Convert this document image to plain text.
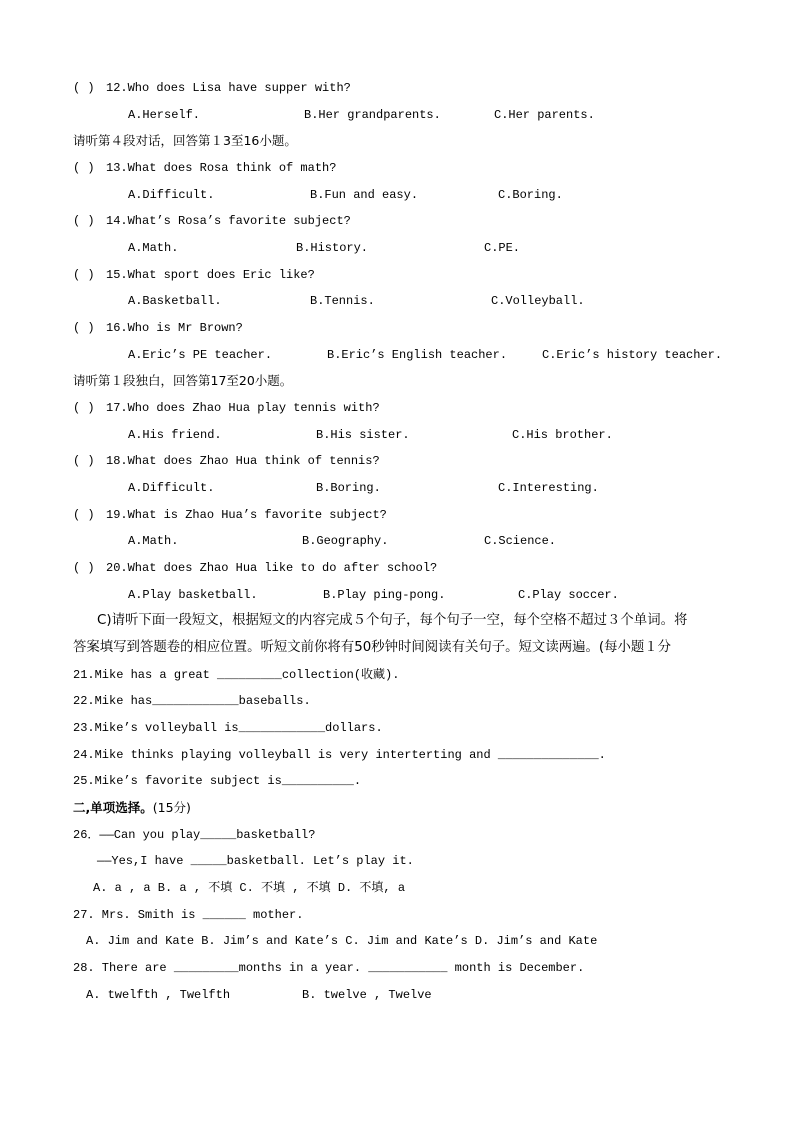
( ) 12.Who does Lisa have supper with?
A.Herself.	B.Her grandparents.	C.Her parents.
请听第４段对话，回答第１3至16小题。
( ) 13.What does Rosa think of math?
A.Difficult.	B.Fun and easy.	C.Boring.
( ) 14.What’s Rosa’s favorite subject?
A.Math.	B.History.	C.PE.
( ) 15.What sport does Eric like?
A.Basketball.	B.Tennis.	C.Volleyball.
( ) 16.Who is Mr Brown?
A.Eric’s PE teacher.	B.Eric’s English teacher.	C.Eric’s history teacher.
请听第１段独白，回答第17至20小题。
( ) 17.Who does Zhao Hua play tennis with?
A.His friend.	B.His sister.	C.His brother.
( ) 18.What does Zhao Hua think of tennis?
A.Difficult.	B.Boring.	C.Interesting.
( ) 19.What is Zhao Hua’s favorite subject?
A.Math.	B.Geography.	C.Science.
( ) 20.What does Zhao Hua like to do after school?
A.Play basketball.	B.Play ping-pong.	C.Play soccer.
C)请听下面一段短文，根据短文的内容完成５个句子，每个句子一空，每个空格不超过３个单词。将
答案填写到答题卷的相应位置。听短文前你将有50秒钟时间阅读有关句子。短文读两遍。(每小题１分
21.Mike has a great _________collection(收藏).
22.Mike has____________baseballs.
23.Mike’s volleyball is____________dollars.
24.Mike thinks playing volleyball is very interterting and ______________.
25.Mike’s favorite subject is__________.
二,单项选择。(15分)
26．——Can you play_____basketball?
——Yes,I have _____basketball. Let’s play it.
A. a , a B. a , 不填 C. 不填 , 不填 D. 不填, a
27. Mrs. Smith is ______ mother.
A. Jim and Kate B. Jim’s and Kate’s C. Jim and Kate’s D. Jim’s and Kate
28. There are _________months in a year. ___________ month is December.
A. twelfth , Twelfth	B. twelve , Twelve
